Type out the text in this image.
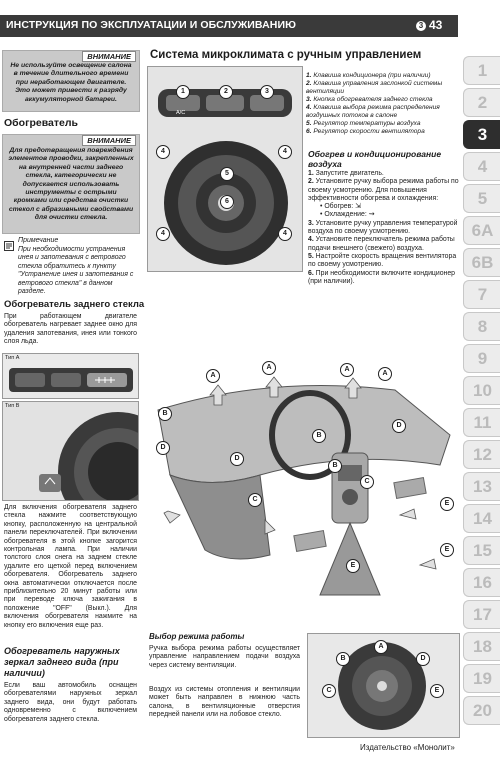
ИНСТРУКЦИЯ ПО ЭКСПЛУАТАЦИИ И ОБСЛУЖИВАНИЮ	3 43
ВНИМАНИЕ
Не используйте освещение салона в течение длительного времени при неработающем двигателе. Это может привести к разряду аккумуляторной батареи.
Обогреватель
ВНИМАНИЕ
Для предотвращения повреждения элементов проводки, закрепленных на внутренней части заднего стекла, категорически не допускается использовать инструменты с острыми кромками или средства очистки стекол с абразивными свойствами для очистки стекла.
Примечание
При необходимости устранения инея и запотевания с ветрового стекла обратитесь к пункту "Устранение инея и запотевания с ветрового стекла" в данном разделе.
Обогреватель заднего стекла
При работающем двигателе обогреватель нагревает заднее окно для удаления запотевания, инея или тонкого слоя льда.
Тип А
Тип В
Для включения обогревателя заднего стекла нажмите соответствующую кнопку, расположенную на центральной панели переключателей. При включении обогревателя в этой кнопке загорится контрольная лампа. При наличии толстого слоя снега на заднем стекле удалите его щеткой перед включением обогревателя. Обогреватель заднего окна автоматически отключается после приблизительно 20 минут работы или при переводе ключа зажигания в положение "OFF" (Выкл.). Для включения обогревателя нажмите на кнопку его включения еще раз.
Обогреватель наружных зеркал заднего вида (при наличии)
Если ваш автомобиль оснащен обогревателями наружных зеркал заднего вида, они будут работать одновременно с включением обогревателя заднего стекла.
Система микроклимата с ручным управлением
A/C
1	2	3
4	4
5
6
4	4
1. Клавиша кондиционера (при наличии)
2. Клавиша управления заслонкой системы вентиляции
3. Кнопка обогревателя заднего стекла
4. Клавиша выбора режима распределения воздушных потоков в салоне
5. Регулятор температуры воздуха
6. Регулятор скорости вентилятора
Обогрев и кондиционирование воздуха
1. Запустите двигатель.
2. Установите ручку выбора режима работы по своему усмотрению. Для повышения эффективности обогрева и охлаждения:
• Обогрев: ⇲
• Охлаждение: ⇝
3. Установите ручку управления температурой воздуха по своему усмотрению.
4. Установите переключатель режима работы подачи внешнего (свежего) воздуха.
5. Настройте скорость вращения вентилятора по своему усмотрению.
6. При необходимости включите кондиционер (при наличии).
A
A	A
A
B
B
B
D
D
D
C
C
E
E
E
Выбор режима работы
Ручка выбора режима работы осуществляет управление направлением подачи воздуха через систему вентиляции.
Воздух из системы отопления и вентиляции может быть направлен в нижнюю часть салона, в вентиляционные отверстия передней панели или на лобовое стекло.
A
B
C
D
E
Издательство «Монолит»
1
2
3
4
5
6A
6B
7
8
9
10
11
12
13
14
15
16
17
18
19
20
